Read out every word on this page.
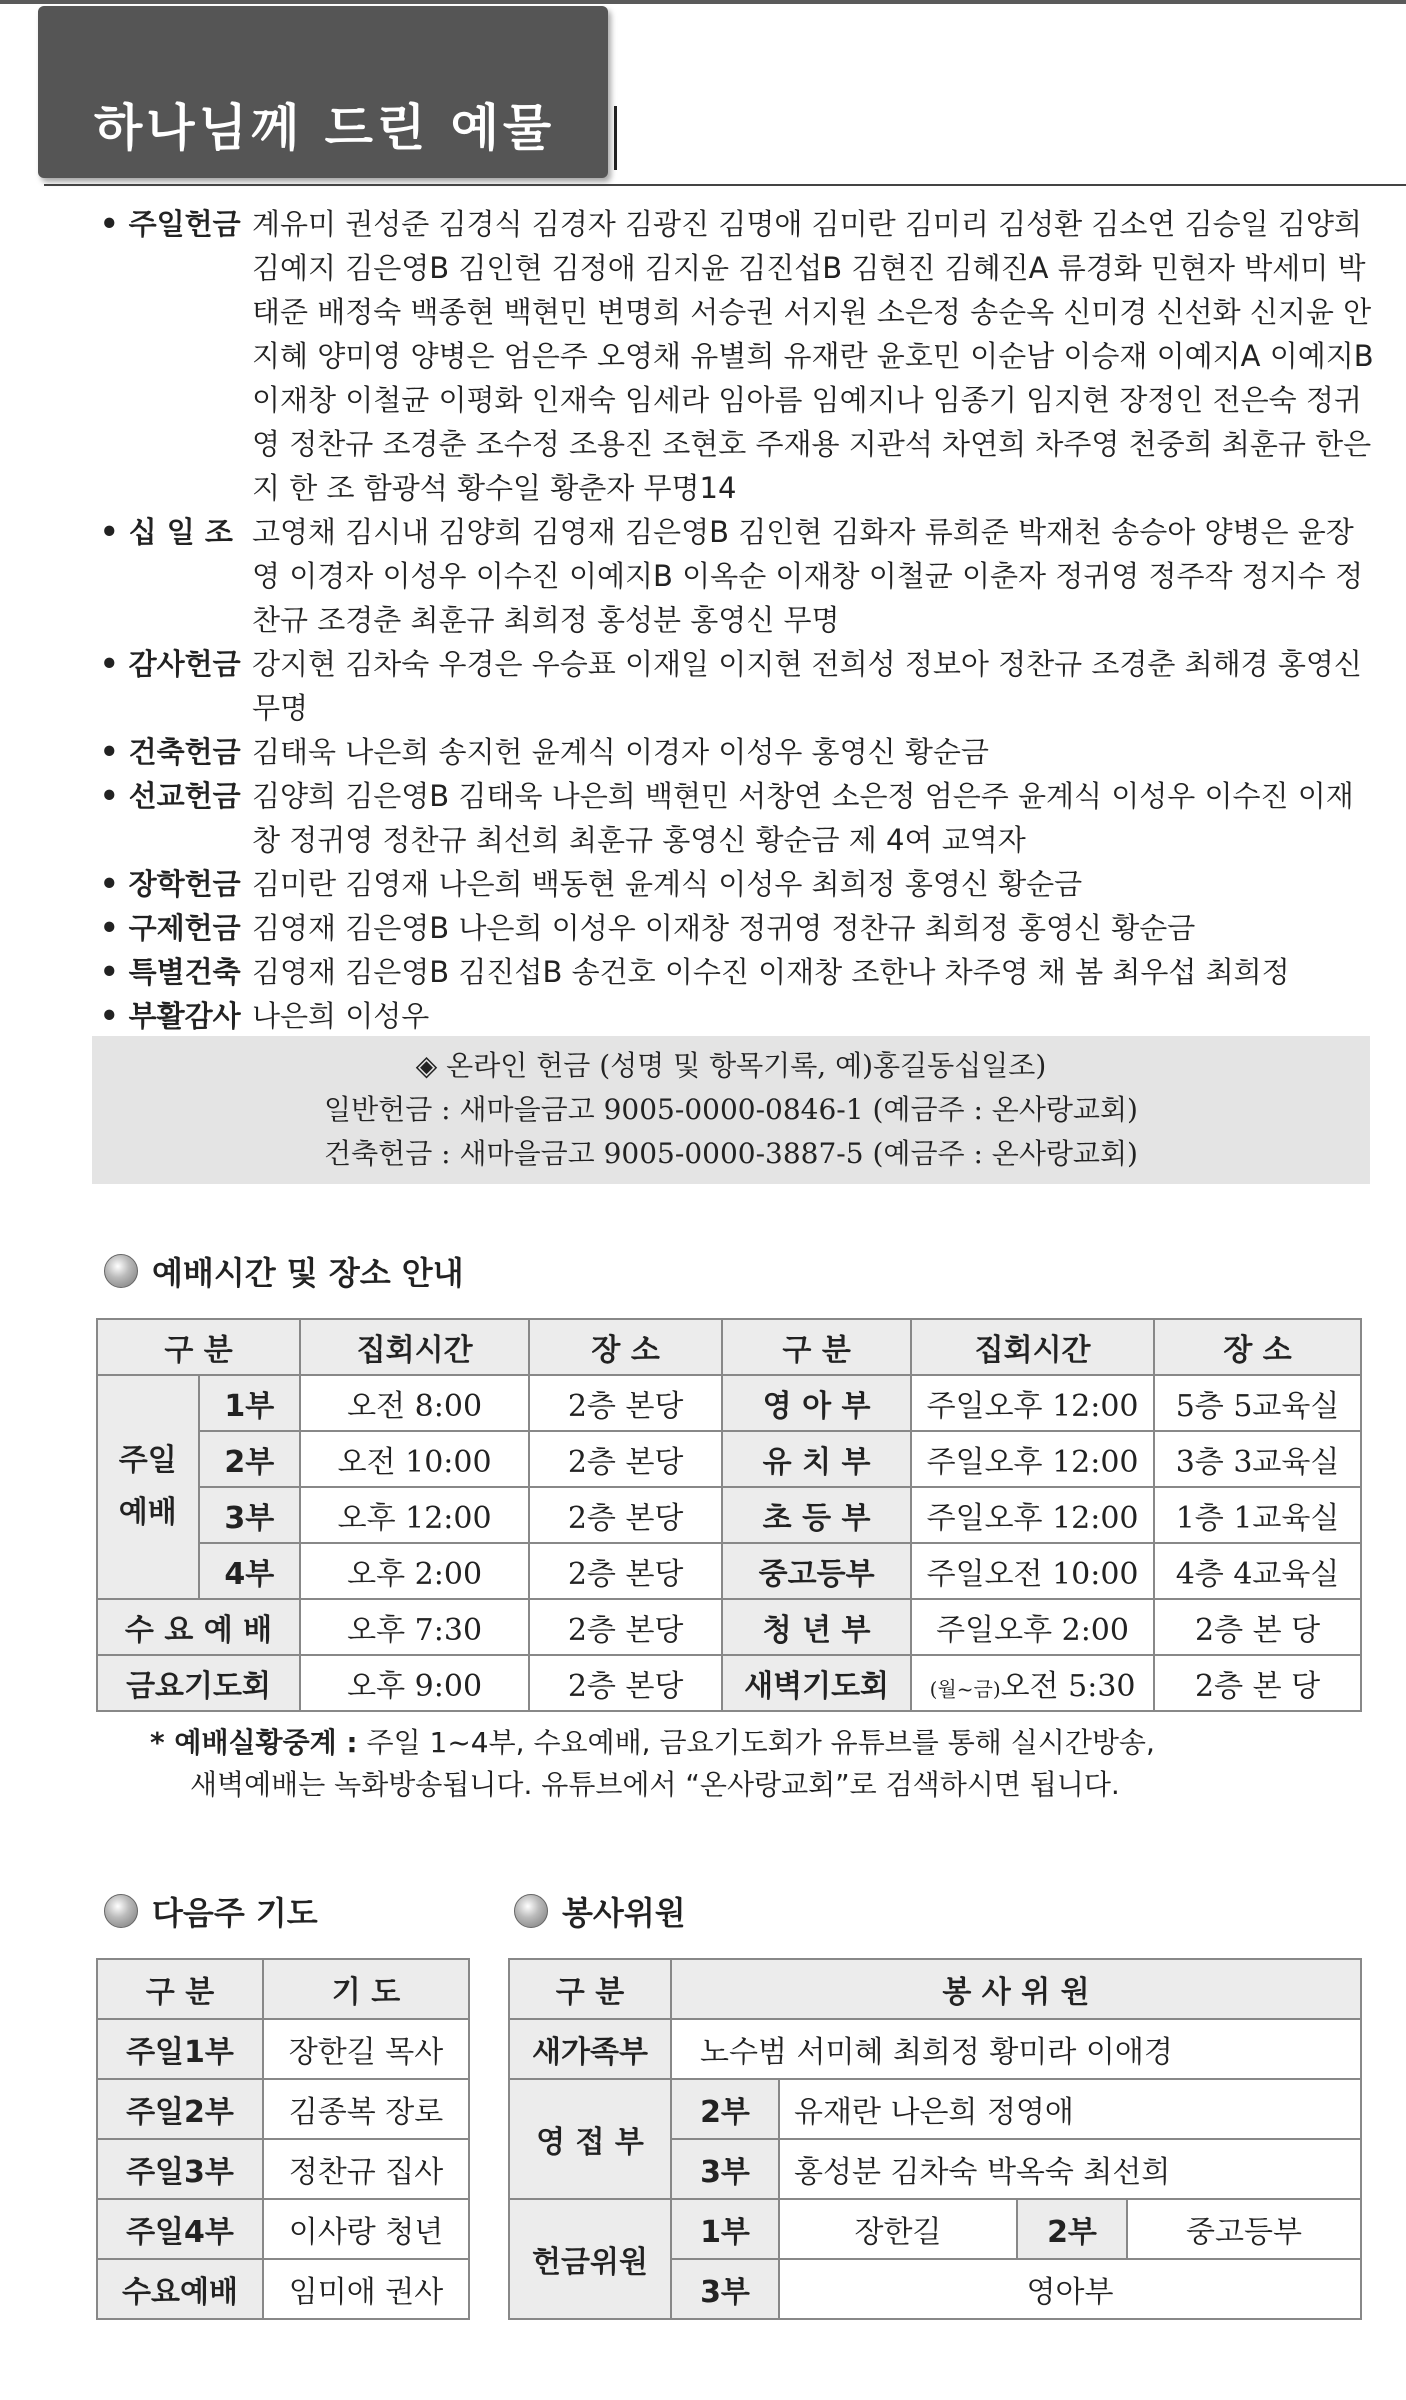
하나님께 드린 예물
• 주일헌금 계유미 권성준 김경식 김경자 김광진 김명애 김미란 김미리 김성환 김소연 김승일 김양희 김예지 김은영B 김인현 김정애 김지윤 김진섭B 김현진 김혜진A 류경화 민현자 박세미 박태준 배정숙 백종현 백현민 변명희 서승권 서지원 소은정 송순옥 신미경 신선화 신지윤 안지혜 양미영 양병은 엄은주 오영채 유별희 유재란 윤호민 이순남 이승재 이예지A 이예지B 이재창 이철균 이평화 인재숙 임세라 임아름 임예지나 임종기 임지현 장정인 전은숙 정귀영 정찬규 조경춘 조수정 조용진 조현호 주재용 지관석 차연희 차주영 천중희 최훈규 한은지 한 조 함광석 황수일 황춘자 무명14
• 십 일 조 고영채 김시내 김양희 김영재 김은영B 김인현 김화자 류희준 박재천 송승아 양병은 윤장영 이경자 이성우 이수진 이예지B 이옥순 이재창 이철균 이춘자 정귀영 정주작 정지수 정찬규 조경춘 최훈규 최희정 홍성분 홍영신 무명
• 감사헌금 강지현 김차숙 우경은 우승표 이재일 이지현 전희성 정보아 정찬규 조경춘 최해경 홍영신 무명
• 건축헌금 김태욱 나은희 송지헌 윤계식 이경자 이성우 홍영신 황순금
• 선교헌금 김양희 김은영B 김태욱 나은희 백현민 서창연 소은정 엄은주 윤계식 이성우 이수진 이재창 정귀영 정찬규 최선희 최훈규 홍영신 황순금 제 4여 교역자
• 장학헌금 김미란 김영재 나은희 백동현 윤계식 이성우 최희정 홍영신 황순금
• 구제헌금 김영재 김은영B 나은희 이성우 이재창 정귀영 정찬규 최희정 홍영신 황순금
• 특별건축 김영재 김은영B 김진섭B 송건호 이수진 이재창 조한나 차주영 채 봄 최우섭 최희정
• 부활감사 나은희 이성우
◈ 온라인 헌금 (성명 및 항목기록, 예)홍길동십일조)
일반헌금 : 새마을금고 9005-0000-0846-1 (예금주 : 온사랑교회)
건축헌금 : 새마을금고 9005-0000-3887-5 (예금주 : 온사랑교회)
예배시간 및 장소 안내
구 분		집회시간	장 소	구 분	집회시간	장 소
주일
예배	1부	오전 8:00	2층 본당	영 아 부	주일오후 12:00	5층 5교육실
	2부	오전 10:00	2층 본당	유 치 부	주일오후 12:00	3층 3교육실
	3부	오후 12:00	2층 본당	초 등 부	주일오후 12:00	1층 1교육실
	4부	오후 2:00	2층 본당	중고등부	주일오전 10:00	4층 4교육실
수 요 예 배		오후 7:30	2층 본당	청 년 부	주일오후 2:00	2층 본 당
금요기도회		오후 9:00	2층 본당	새벽기도회	(월~금)오전 5:30	2층 본 당
* 예배실황중계 : 주일 1~4부, 수요예배, 금요기도회가 유튜브를 통해 실시간방송,
새벽예배는 녹화방송됩니다. 유튜브에서 “온사랑교회”로 검색하시면 됩니다.
다음주 기도	봉사위원
구 분	기 도
주일1부	장한길 목사
주일2부	김종복 장로
주일3부	정찬규 집사
주일4부	이사랑 청년
수요예배	임미애 권사
구 분	봉 사 위 원			
새가족부	노수범 서미혜 최희정 황미라 이애경			
영 접 부	2부	유재란 나은희 정영애		
	3부	홍성분 김차숙 박옥숙 최선희		
헌금위원	1부	장한길	2부	중고등부
	3부	영아부		
